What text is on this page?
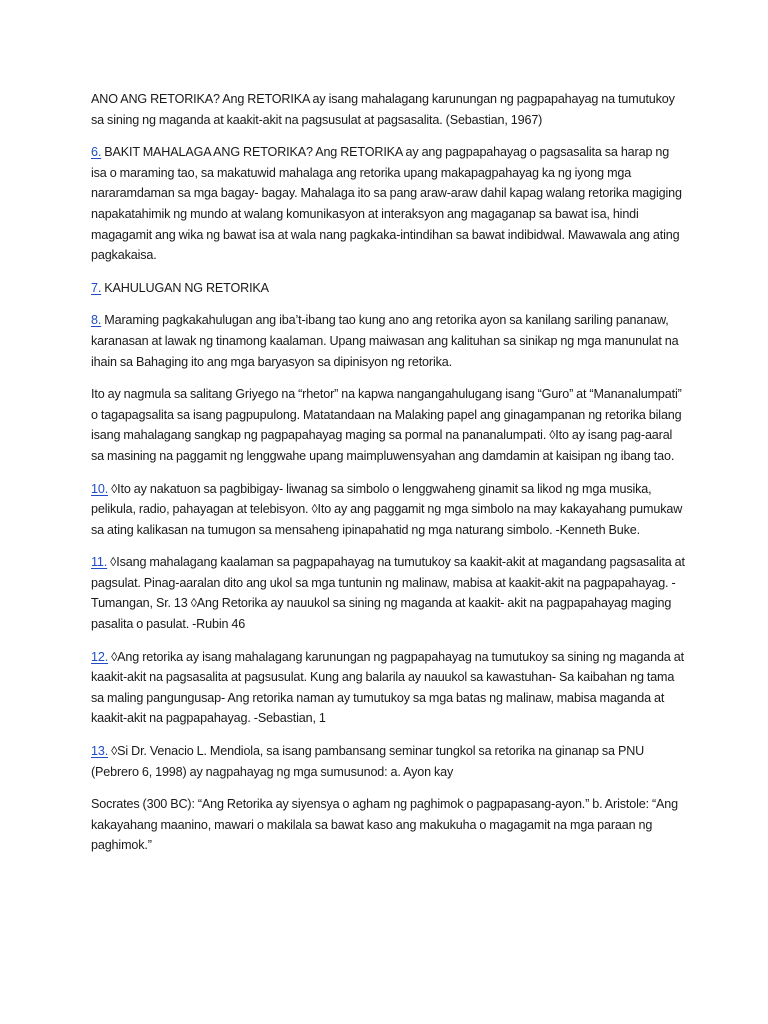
ANO ANG RETORIKA? Ang RETORIKA ay isang mahalagang karunungan ng pagpapahayag na tumutukoy sa sining ng maganda at kaakit-akit na pagsusulat at pagsasalita. (Sebastian, 1967)

6. BAKIT MAHALAGA ANG RETORIKA? Ang RETORIKA ay ang pagpapahayag o pagsasalita sa harap ng isa o maraming tao, sa makatuwid mahalaga ang retorika upang makapagpahayag ka ng iyong mga nararamdaman sa mga bagay- bagay. Mahalaga ito sa pang araw-araw dahil kapag walang retorika magiging napakatahimik ng mundo at walang komunikasyon at interaksyon ang magaganap sa bawat isa, hindi magagamit ang wika ng bawat isa at wala nang pagkaka-intindihan sa bawat indibidwal. Mawawala ang ating pagkakaisa.

7. KAHULUGAN NG RETORIKA

8. Maraming pagkakahulugan ang iba’t-ibang tao kung ano ang retorika ayon sa kanilang sariling pananaw, karanasan at lawak ng tinamong kaalaman. Upang maiwasan ang kalituhan sa sinikap ng mga manunulat na ihain sa Bahaging ito ang mga baryasyon sa dipinisyon ng retorika.

Ito ay nagmula sa salitang Griyego na “rhetor” na kapwa nangangahulugang isang “Guro” at “Mananalumpati” o tagapagsalita sa isang pagpupulong. Matatandaan na Malaking papel ang ginagampanan ng retorika bilang isang mahalagang sangkap ng pagpapahayag maging sa pormal na pananalumpati. ◊Ito ay isang pag-aaral sa masining na paggamit ng lenggwahe upang maimpluwensyahan ang damdamin at kaisipan ng ibang tao.

10. ◊Ito ay nakatuon sa pagbibigay- liwanag sa simbolo o lenggwaheng ginamit sa likod ng mga musika, pelikula, radio, pahayagan at telebisyon. ◊Ito ay ang paggamit ng mga simbolo na may kakayahang pumukaw sa ating kalikasan na tumugon sa mensaheng ipinapahatid ng mga naturang simbolo. -Kenneth Buke.

11. ◊Isang mahalagang kaalaman sa pagpapahayag na tumutukoy sa kaakit-akit at magandang pagsasalita at pagsulat. Pinag-aaralan dito ang ukol sa mga tuntunin ng malinaw, mabisa at kaakit-akit na pagpapahayag. -Tumangan, Sr. 13 ◊Ang Retorika ay nauukol sa sining ng maganda at kaakit- akit na pagpapahayag maging pasalita o pasulat. -Rubin 46

12. ◊Ang retorika ay isang mahalagang karunungan ng pagpapahayag na tumutukoy sa sining ng maganda at kaakit-akit na pagsasalita at pagsusulat. Kung ang balarila ay nauukol sa kawastuhan- Sa kaibahan ng tama sa maling pangungusap- Ang retorika naman ay tumutukoy sa mga batas ng malinaw, mabisa maganda at kaakit-akit na pagpapahayag. -Sebastian, 1

13. ◊Si Dr. Venacio L. Mendiola, sa isang pambansang seminar tungkol sa retorika na ginanap sa PNU (Pebrero 6, 1998) ay nagpahayag ng mga sumusunod: a. Ayon kay

Socrates (300 BC): “Ang Retorika ay siyensya o agham ng paghimok o pagpapasang-ayon.” b. Aristole: “Ang kakayahang maanino, mawari o makilala sa bawat kaso ang makukuha o magagamit na mga paraan ng paghimok.”
